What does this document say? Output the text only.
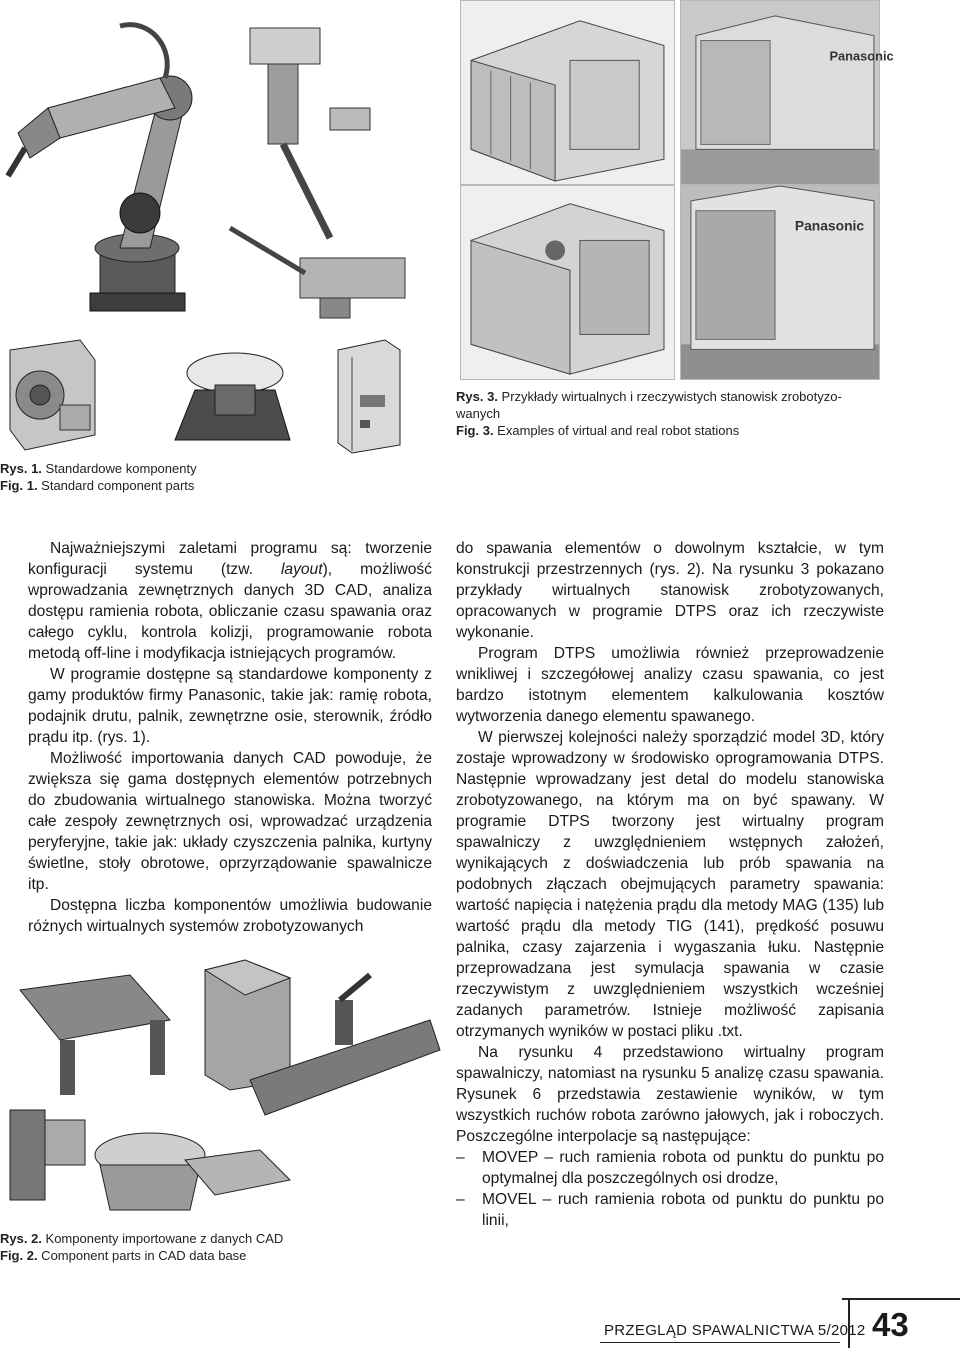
Rys. 1. Standardowe komponenty
Fig. 1. Standard component parts
Panasonic
Panasonic
Rys. 3. Przykłady wirtualnych i rzeczywistych stanowisk zrobotyzo-wanych
Fig. 3. Examples of virtual and real robot stations

Najważniejszymi zaletami programu są: tworzenie konfiguracji systemu (tzw. layout), możliwość wprowadzania zewnętrznych danych 3D CAD, analiza dostępu ramienia robota, obliczanie czasu spawania oraz całego cyklu, kontrola kolizji, programowanie robota metodą off-line i modyfikacja istniejących programów.

W programie dostępne są standardowe komponenty z gamy produktów firmy Panasonic, takie jak: ramię robota, podajnik drutu, palnik, zewnętrzne osie, sterownik, źródło prądu itp. (rys. 1).

Możliwość importowania danych CAD powoduje, że zwiększa się gama dostępnych elementów potrzebnych do zbudowania wirtualnego stanowiska. Można tworzyć całe zespoły zewnętrznych osi, wprowadzać urządzenia peryferyjne, takie jak: układy czyszczenia palnika, kurtyny świetlne, stoły obrotowe, oprzyrządowanie spawalnicze itp.

Dostępna liczba komponentów umożliwia budowanie różnych wirtualnych systemów zrobotyzowanych

Rys. 2. Komponenty importowane z danych CAD
Fig. 2. Component parts in CAD data base

do spawania elementów o dowolnym kształcie, w tym konstrukcji przestrzennych (rys. 2). Na rysunku 3 pokazano przykłady wirtualnych stanowisk zrobotyzowanych, opracowanych w programie DTPS oraz ich rzeczywiste wykonanie.

Program DTPS umożliwia również przeprowadzenie wnikliwej i szczegółowej analizy czasu spawania, co jest bardzo istotnym elementem kalkulowania kosztów wytworzenia danego elementu spawanego.

W pierwszej kolejności należy sporządzić model 3D, który zostaje wprowadzony w środowisko oprogramowania DTPS. Następnie wprowadzany jest detal do modelu stanowiska zrobotyzowanego, na którym ma on być spawany. W programie DTPS tworzony jest wirtualny program spawalniczy z uwzględnieniem wstępnych założeń, wynikających z doświadczenia lub prób spawania na podobnych złączach obejmujących parametry spawania: wartość napięcia i natężenia prądu dla metody MAG (135) lub wartość prądu dla metody TIG (141), prędkość posuwu palnika, czasy zajarzenia i wygaszania łuku. Następnie przeprowadzana jest symulacja spawania w czasie rzeczywistym z uwzględnieniem wszystkich wcześniej zadanych parametrów. Istnieje możliwość zapisania otrzymanych wyników w postaci pliku .txt.

Na rysunku 4 przedstawiono wirtualny program spawalniczy, natomiast na rysunku 5 analizę czasu spawania. Rysunek 6 przedstawia zestawienie wyników, w tym wszystkich ruchów robota zarówno jałowych, jak i roboczych. Poszczególne interpolacje są następujące:

–	MOVEP – ruch ramienia robota od punktu do punktu po optymalnej dla poszczególnych osi drodze,
–	MOVEL – ruch ramienia robota od punktu do punktu po linii,
PRZEGLĄD SPAWALNICTWA 5/2012 43
